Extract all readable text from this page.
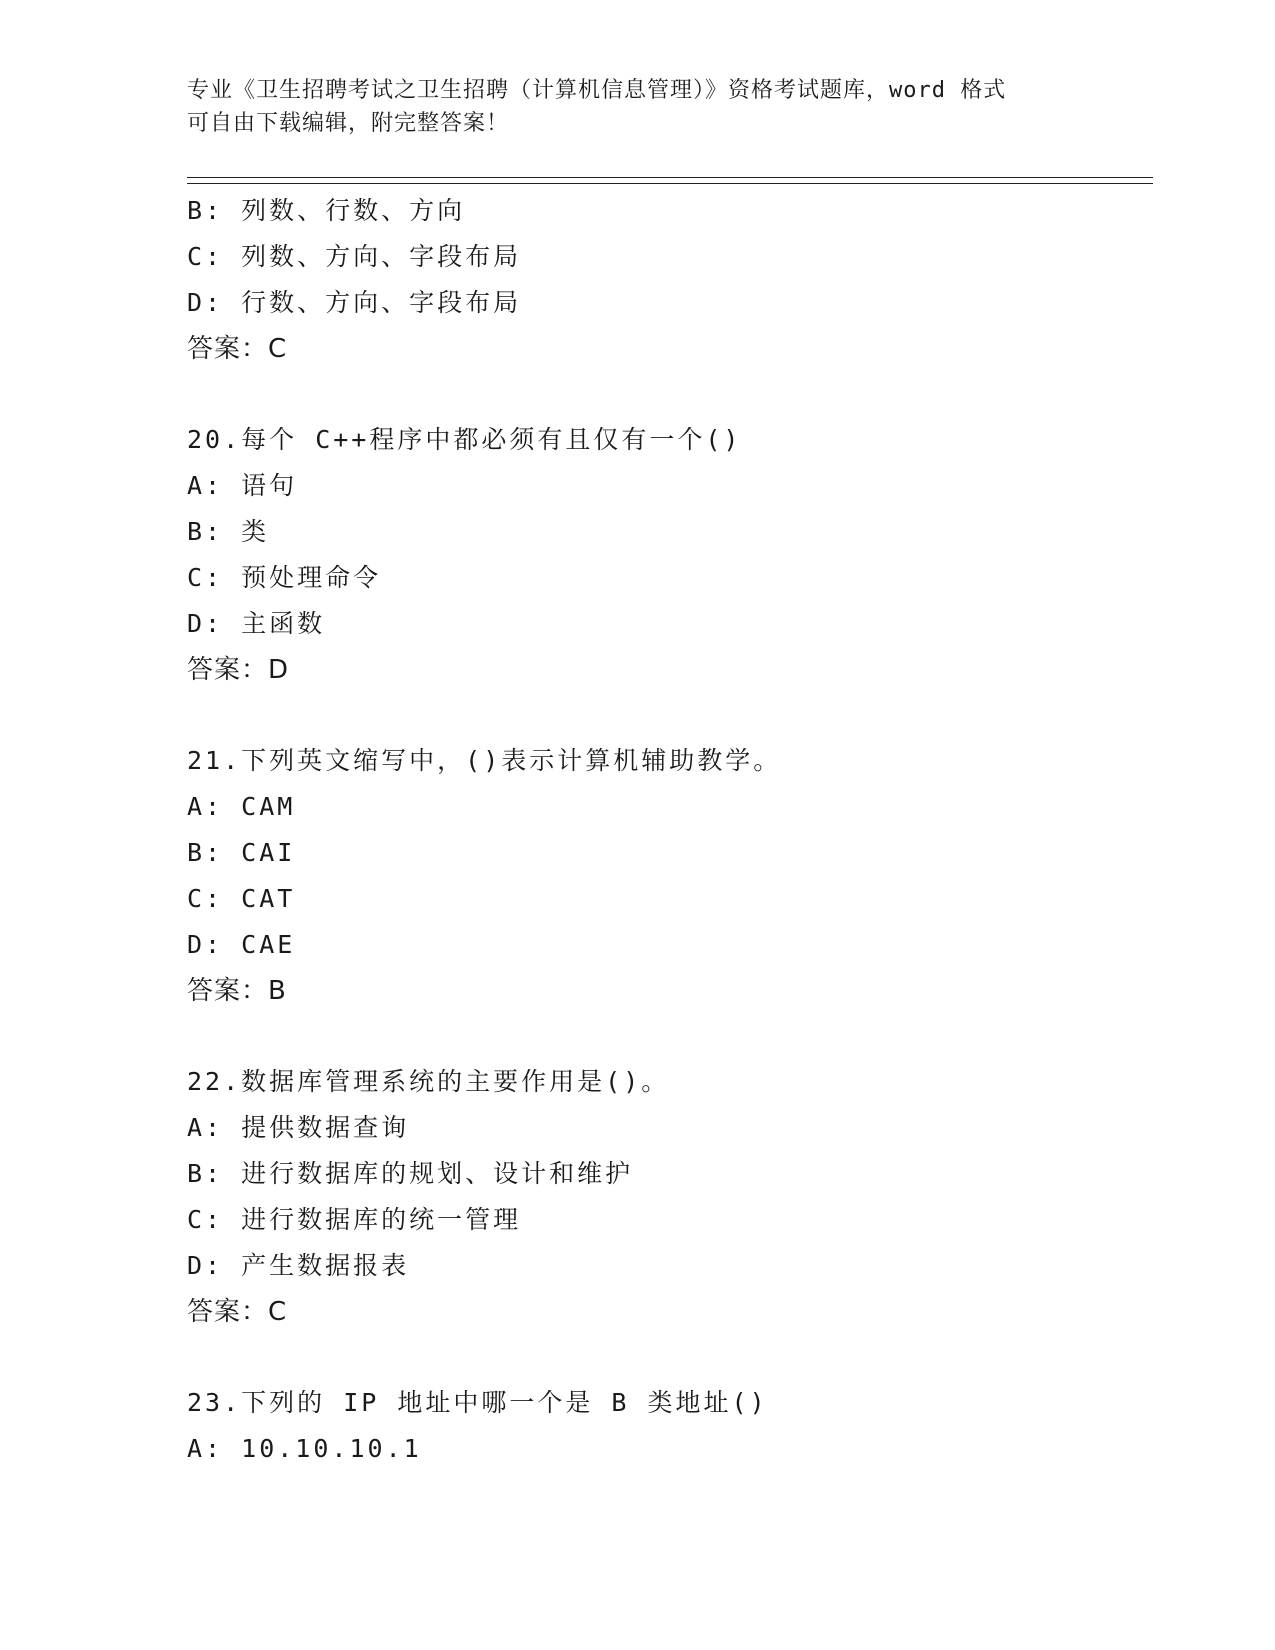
专业《卫生招聘考试之卫生招聘（计算机信息管理）》资格考试题库，word 格式
可自由下载编辑，附完整答案！
B: 列数、行数、方向
C: 列数、方向、字段布局
D: 行数、方向、字段布局
答案：C
20.每个 C++程序中都必须有且仅有一个()
A: 语句
B: 类
C: 预处理命令
D: 主函数
答案：D
21.下列英文缩写中，()表示计算机辅助教学。
A: CAM
B: CAI
C: CAT
D: CAE
答案：B
22.数据库管理系统的主要作用是()。
A: 提供数据查询
B: 进行数据库的规划、设计和维护
C: 进行数据库的统一管理
D: 产生数据报表
答案：C
23.下列的 IP 地址中哪一个是 B 类地址()
A: 10.10.10.1
